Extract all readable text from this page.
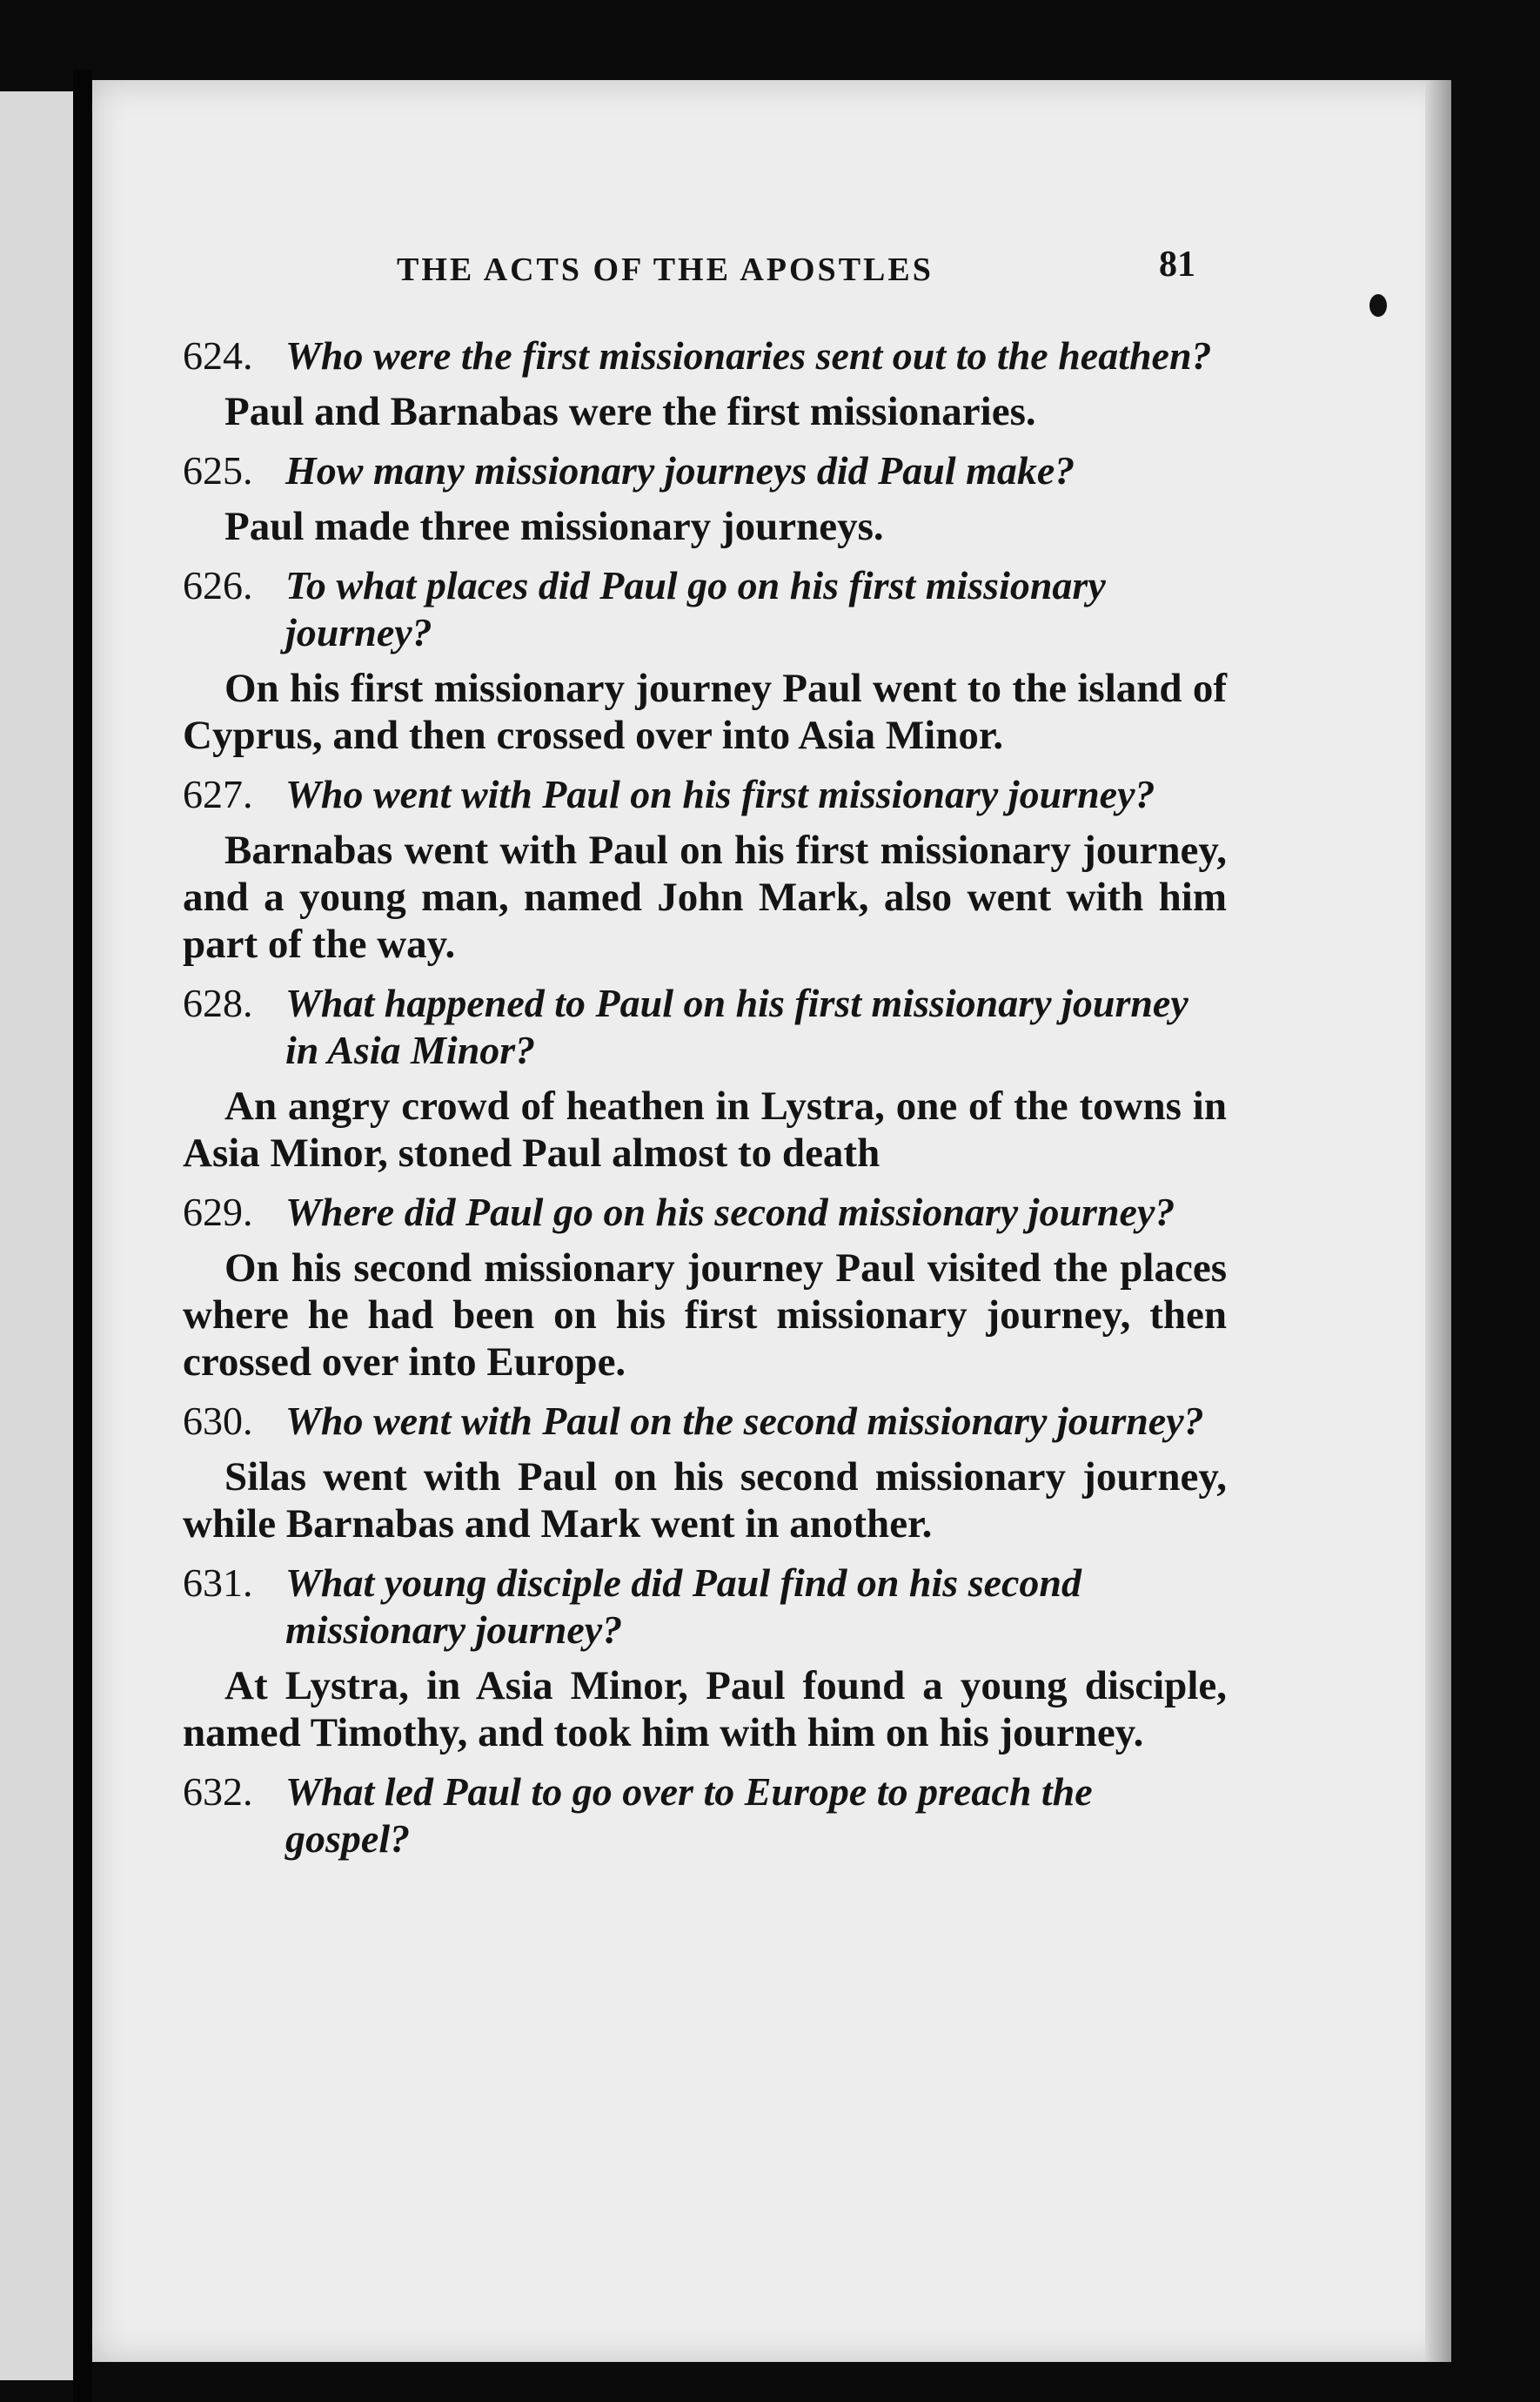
THE ACTS OF THE APOSTLES	81
624. Who were the first missionaries sent out to the heathen?
Paul and Barnabas were the first missionaries.
625. How many missionary journeys did Paul make?
Paul made three missionary journeys.
626. To what places did Paul go on his first missionary journey?
On his first missionary journey Paul went to the island of Cyprus, and then crossed over into Asia Minor.
627. Who went with Paul on his first missionary journey?
Barnabas went with Paul on his first missionary journey, and a young man, named John Mark, also went with him part of the way.
628. What happened to Paul on his first missionary journey in Asia Minor?
An angry crowd of heathen in Lystra, one of the towns in Asia Minor, stoned Paul almost to death
629. Where did Paul go on his second missionary journey?
On his second missionary journey Paul visited the places where he had been on his first missionary journey, then crossed over into Europe.
630. Who went with Paul on the second missionary journey?
Silas went with Paul on his second missionary journey, while Barnabas and Mark went in another.
631. What young disciple did Paul find on his second missionary journey?
At Lystra, in Asia Minor, Paul found a young disciple, named Timothy, and took him with him on his journey.
632. What led Paul to go over to Europe to preach the gospel?
